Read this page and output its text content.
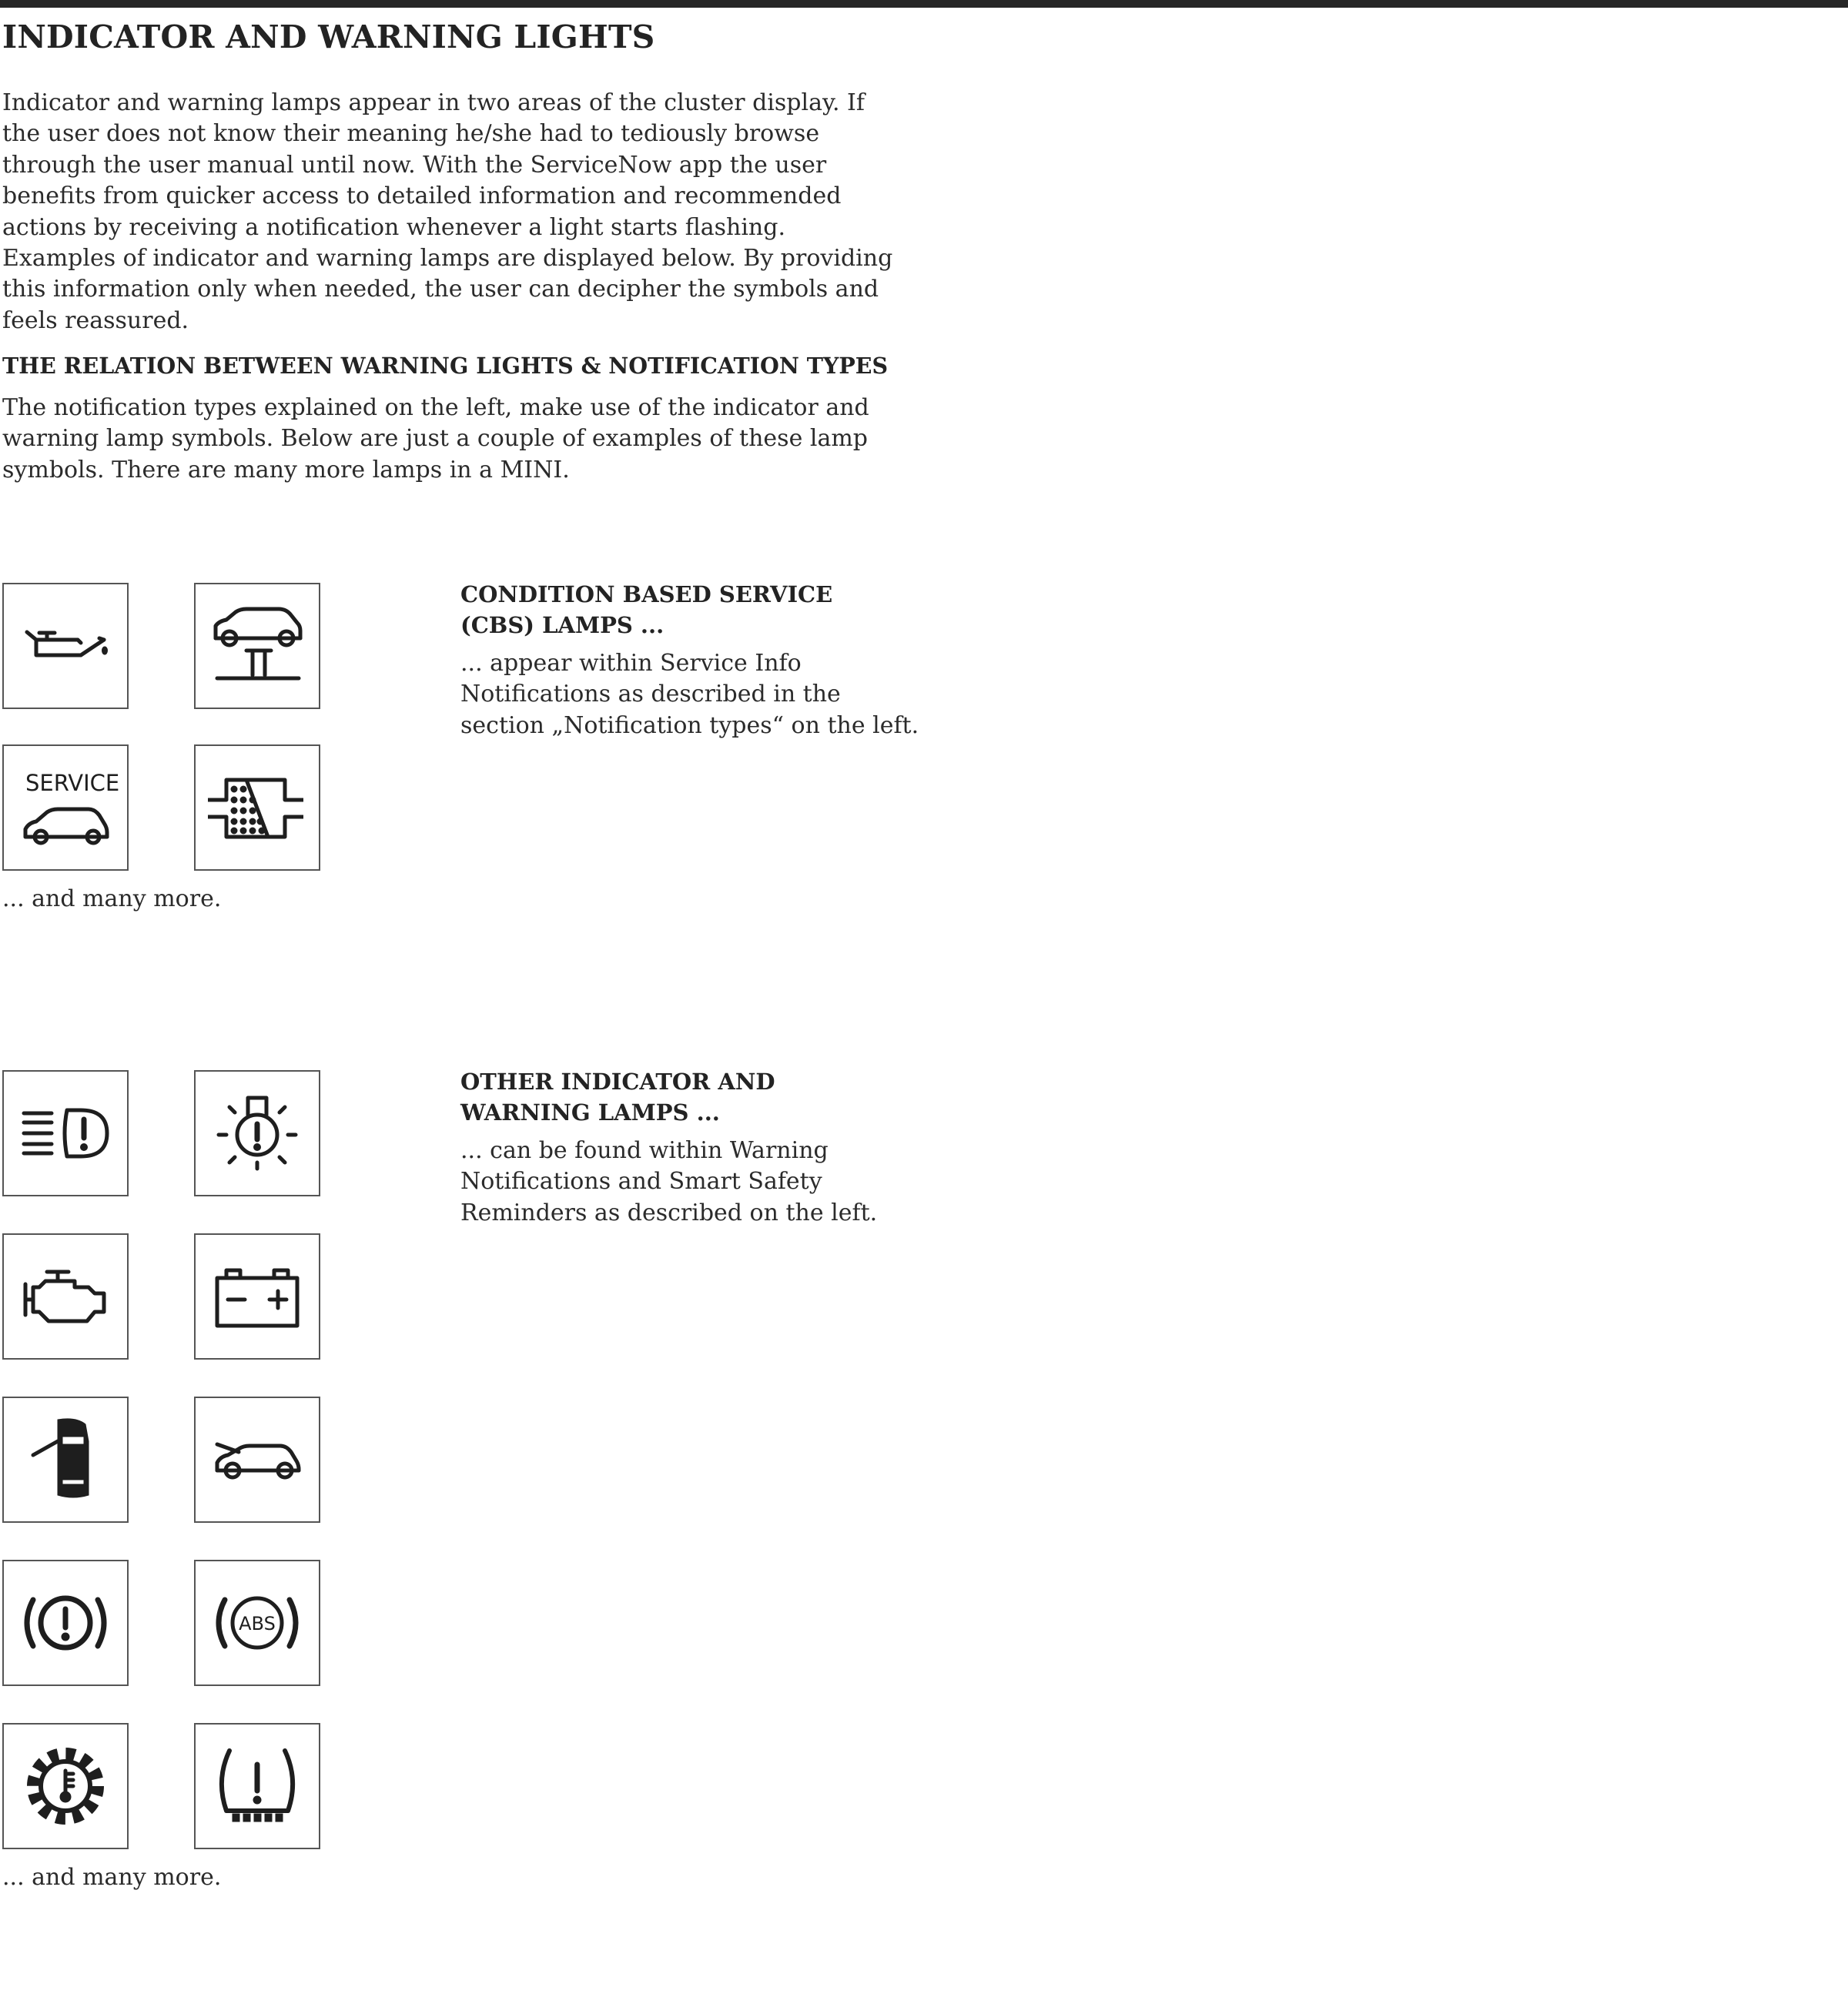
INDICATOR AND WARNING LIGHTS

Indicator and warning lamps appear in two areas of the cluster display. If the user does not know their meaning he/she had to tediously browse through the user manual until now. With the ServiceNow app the user benefits from quicker access to detailed information and recommended actions by receiving a notification whenever a light starts flashing. Examples of indicator and warning lamps are displayed below. By providing this information only when needed, the user can decipher the symbols and feels reassured.

THE RELATION BETWEEN WARNING LIGHTS & NOTIFICATION TYPES

The notification types explained on the left, make use of the indicator and warning lamp symbols. Below are just a couple of examples of these lamp symbols. There are many more lamps in a MINI.

SERVICE
CONDITION BASED SERVICE (CBS) LAMPS ...

... appear within Service Info Notifications as described in the section „Notification types“ on the left.

... and many more.

ABS
OTHER INDICATOR AND WARNING LAMPS ...

... can be found within Warning Notifications and Smart Safety Reminders as described on the left.

... and many more.
